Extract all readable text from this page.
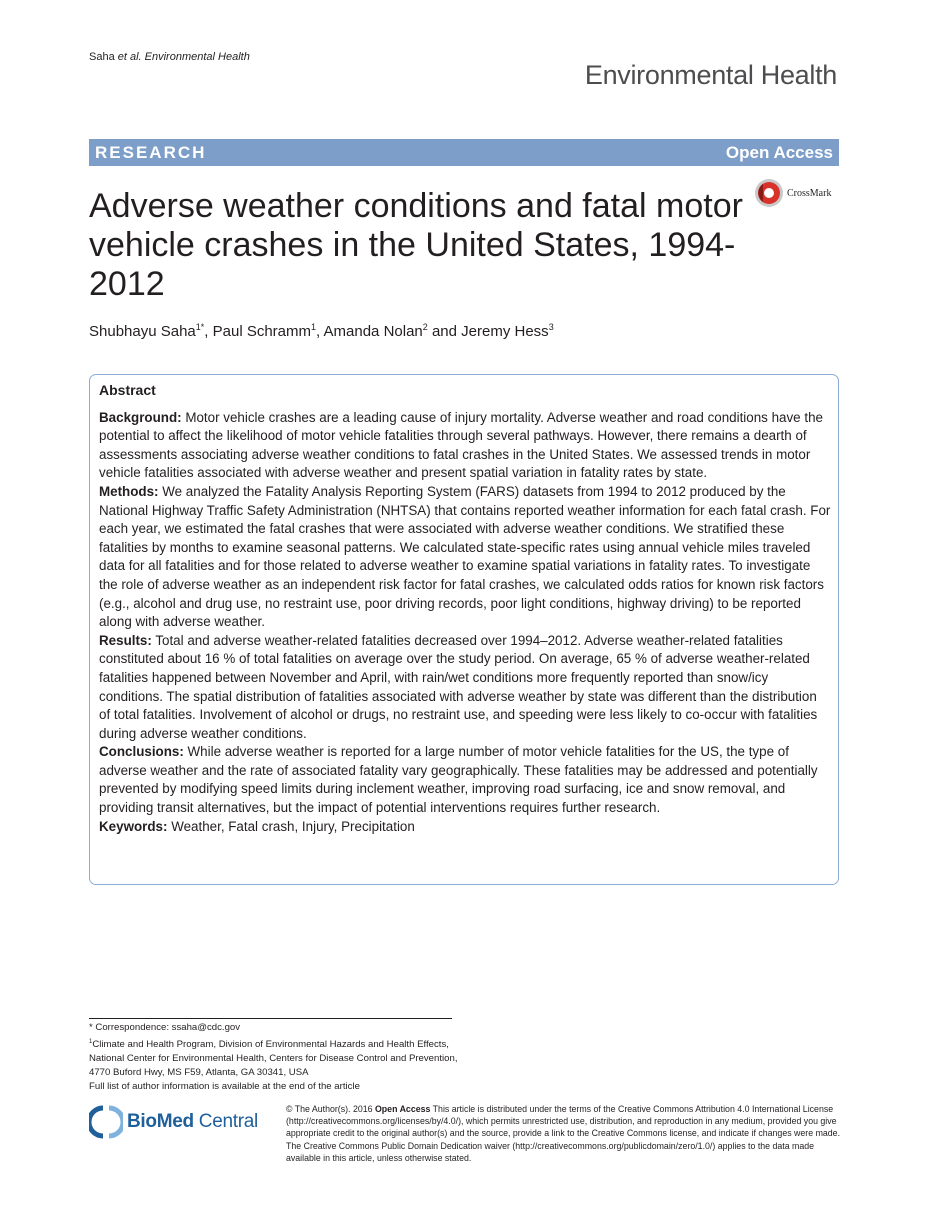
Saha et al. Environmental Health
Environmental Health
RESEARCH	Open Access
Adverse weather conditions and fatal motor vehicle crashes in the United States, 1994-2012
CrossMark
Shubhayu Saha$^{1*}$, Paul Schramm$^1$, Amanda Nolan$^2$ and Jeremy Hess$^3$
Abstract

Background: Motor vehicle crashes are a leading cause of injury mortality. Adverse weather and road conditions have the potential to affect the likelihood of motor vehicle fatalities through several pathways. However, there remains a dearth of assessments associating adverse weather conditions to fatal crashes in the United States. We assessed trends in motor vehicle fatalities associated with adverse weather and present spatial variation in fatality rates by state.

Methods: We analyzed the Fatality Analysis Reporting System (FARS) datasets from 1994 to 2012 produced by the National Highway Traffic Safety Administration (NHTSA) that contains reported weather information for each fatal crash. For each year, we estimated the fatal crashes that were associated with adverse weather conditions. We stratified these fatalities by months to examine seasonal patterns. We calculated state-specific rates using annual vehicle miles traveled data for all fatalities and for those related to adverse weather to examine spatial variations in fatality rates. To investigate the role of adverse weather as an independent risk factor for fatal crashes, we calculated odds ratios for known risk factors (e.g., alcohol and drug use, no restraint use, poor driving records, poor light conditions, highway driving) to be reported along with adverse weather.

Results: Total and adverse weather-related fatalities decreased over 1994–2012. Adverse weather-related fatalities constituted about 16 % of total fatalities on average over the study period. On average, 65 % of adverse weather-related fatalities happened between November and April, with rain/wet conditions more frequently reported than snow/icy conditions. The spatial distribution of fatalities associated with adverse weather by state was different than the distribution of total fatalities. Involvement of alcohol or drugs, no restraint use, and speeding were less likely to co-occur with fatalities during adverse weather conditions.

Conclusions: While adverse weather is reported for a large number of motor vehicle fatalities for the US, the type of adverse weather and the rate of associated fatality vary geographically. These fatalities may be addressed and potentially prevented by modifying speed limits during inclement weather, improving road surfacing, ice and snow removal, and providing transit alternatives, but the impact of potential interventions requires further research.

Keywords: Weather, Fatal crash, Injury, Precipitation

* Correspondence: ssaha@cdc.gov
$^1$Climate and Health Program, Division of Environmental Hazards and Health Effects, National Center for Environmental Health, Centers for Disease Control and Prevention, 4770 Buford Hwy, MS F59, Atlanta, GA 30341, USA
Full list of author information is available at the end of the article
BioMed Central
© The Author(s). 2016 Open Access This article is distributed under the terms of the Creative Commons Attribution 4.0 International License (http://creativecommons.org/licenses/by/4.0/), which permits unrestricted use, distribution, and reproduction in any medium, provided you give appropriate credit to the original author(s) and the source, provide a link to the Creative Commons license, and indicate if changes were made. The Creative Commons Public Domain Dedication waiver (http://creativecommons.org/publicdomain/zero/1.0/) applies to the data made available in this article, unless otherwise stated.
